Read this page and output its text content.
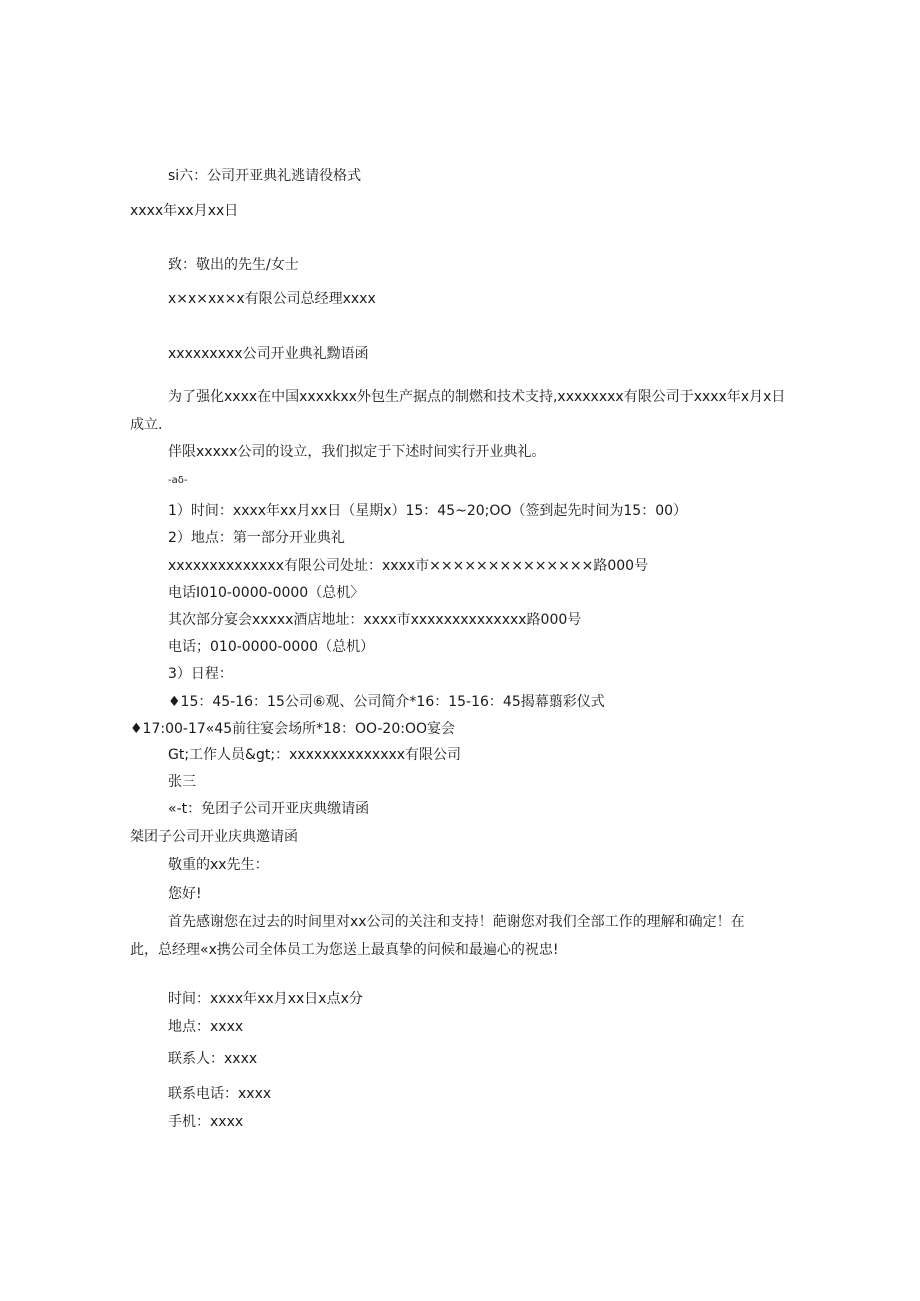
si六：公司开亚典礼逃请役格式
xxxx年xx月xx日
致：敬出的先生/女士
x×x×xx×x有限公司总经理xxxx
xxxxxxxxx公司开业典礼黝语函
为了强化xxxx在中国xxxxkxx外包生产据点的制燃和技术支持,xxxxxxxx有限公司于xxxx年x月x日
成立.
伴限xxxxx公司的设立，我们拟定于下述时间实行开业典礼。
-aδ-
1）时间：xxxx年xx月xx日（星期x）15：45~20;OO（签到起先时间为15：00）
2）地点：第一部分开业典礼
xxxxxxxxxxxxxx有限公司处址：xxxx市××××××××××××××路000号
电话I010-0000-0000（总机〉
其次部分宴会xxxxx酒店地址：xxxx市xxxxxxxxxxxxxx路000号
电话；010-0000-0000（总机）
3）日程：
♦15：45-16：15公司⑥观、公司简介*16：15-16：45揭幕翦彩仪式
♦17:00-17«45前往宴会场所*18：OO-20:OO宴会
Gt;工作人员&gt;：xxxxxxxxxxxxxx有限公司
张三
«-t：免团子公司开亚庆典缴请函
桀团子公司开业庆典邀请函
敬重的xx先生：
您好!
首先感谢您在过去的时间里对xx公司的关注和支持！葩谢您对我们全部工作的理解和确定！在
此，总经理«x携公司全体员工为您送上最真挚的问候和最遍心的祝忠!
时间：xxxx年xx月xx日x点x分
地点：xxxx
联系人：xxxx
联系电话：xxxx
手机：xxxx
